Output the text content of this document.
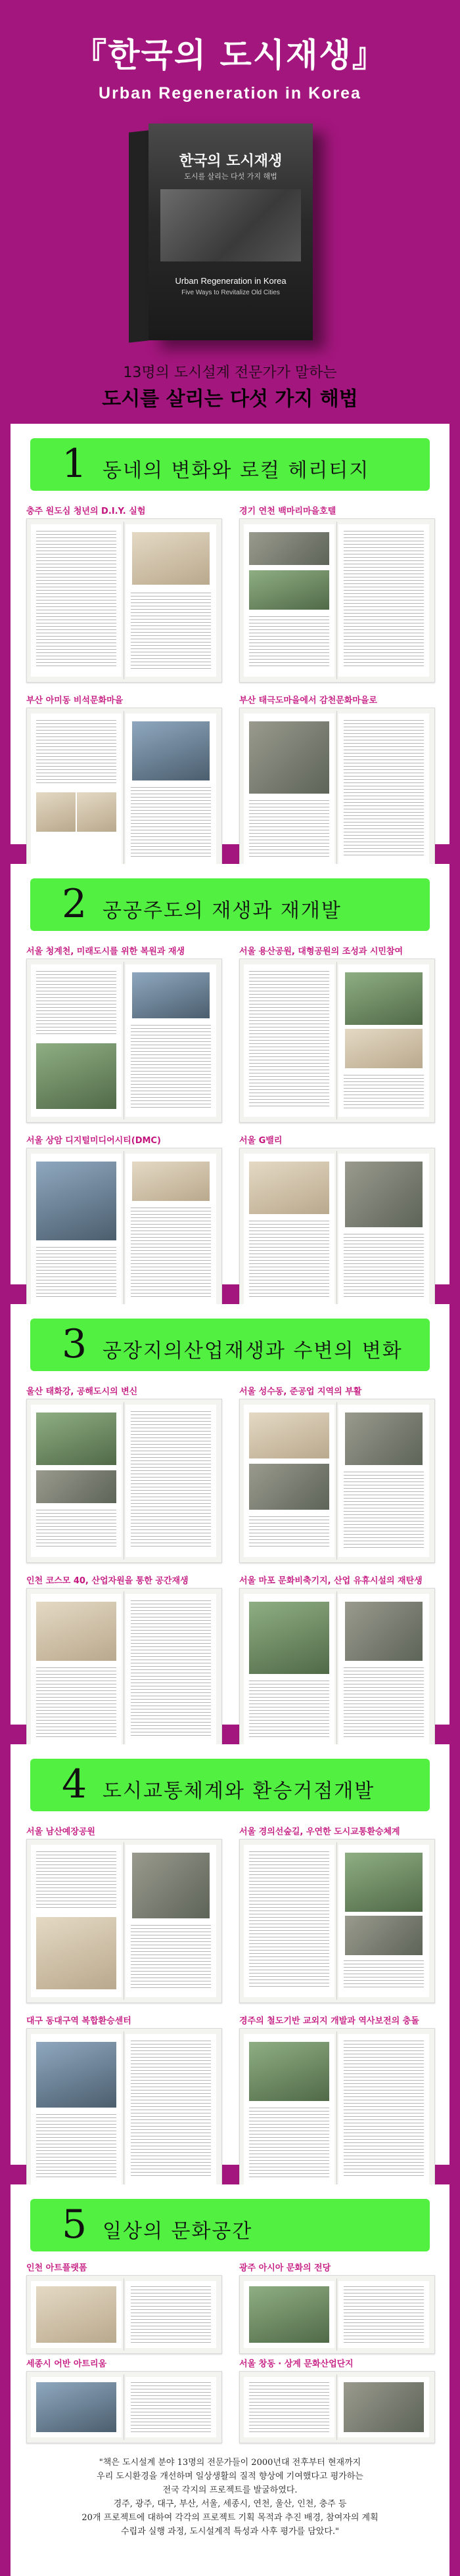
『한국의 도시재생』
Urban Regeneration in Korea
한국의 도시재생
도시를 살리는 다섯 가지 해법
Urban Regeneration in Korea
Five Ways to Revitalize Old Cities
13명의 도시설계 전문가가 말하는
도시를 살리는 다섯 가지 해법
1 동네의 변화와 로컬 헤리티지
충주 원도심 청년의 D.I.Y. 실험	경기 연천 백마리마을호텔
부산 아미동 비석문화마을	부산 태극도마을에서 감천문화마을로
2 공공주도의 재생과 재개발
서울 청계천, 미래도시를 위한 복원과 재생	서울 용산공원, 대형공원의 조성과 시민참여
서울 상암 디지털미디어시티(DMC)	서울 G밸리
3 공장지의산업재생과 수변의 변화
울산 태화강, 공해도시의 변신	서울 성수동, 준공업 지역의 부활
인천 코스모 40, 산업자원을 통한 공간재생	서울 마포 문화비축기지, 산업 유휴시설의 재탄생
4 도시교통체계와 환승거점개발
서울 남산예장공원	서울 경의선숲길, 우연한 도시교통환승체계
대구 동대구역 복합환승센터	경주의 철도기반 교외지 개발과 역사보전의 충돌
5 일상의 문화공간
인천 아트플랫폼	광주 아시아 문화의 전당
세종시 어반 아트리움	서울 창동 · 상계 문화산업단지
"책은 도시설계 분야 13명의 전문가들이 2000년대 전후부터 현재까지
우리 도시환경을 개선하며 일상생활의 질적 향상에 기여했다고 평가하는
전국 각지의 프로젝트를 발굴하였다.
경주, 광주, 대구, 부산, 서울, 세종시, 연천, 울산, 인천, 충주 등
20개 프로젝트에 대하여 각각의 프로젝트 기획 목적과 추진 배경, 참여자의 계획
수립과 실행 과정, 도시설계적 특성과 사후 평가를 담았다."
